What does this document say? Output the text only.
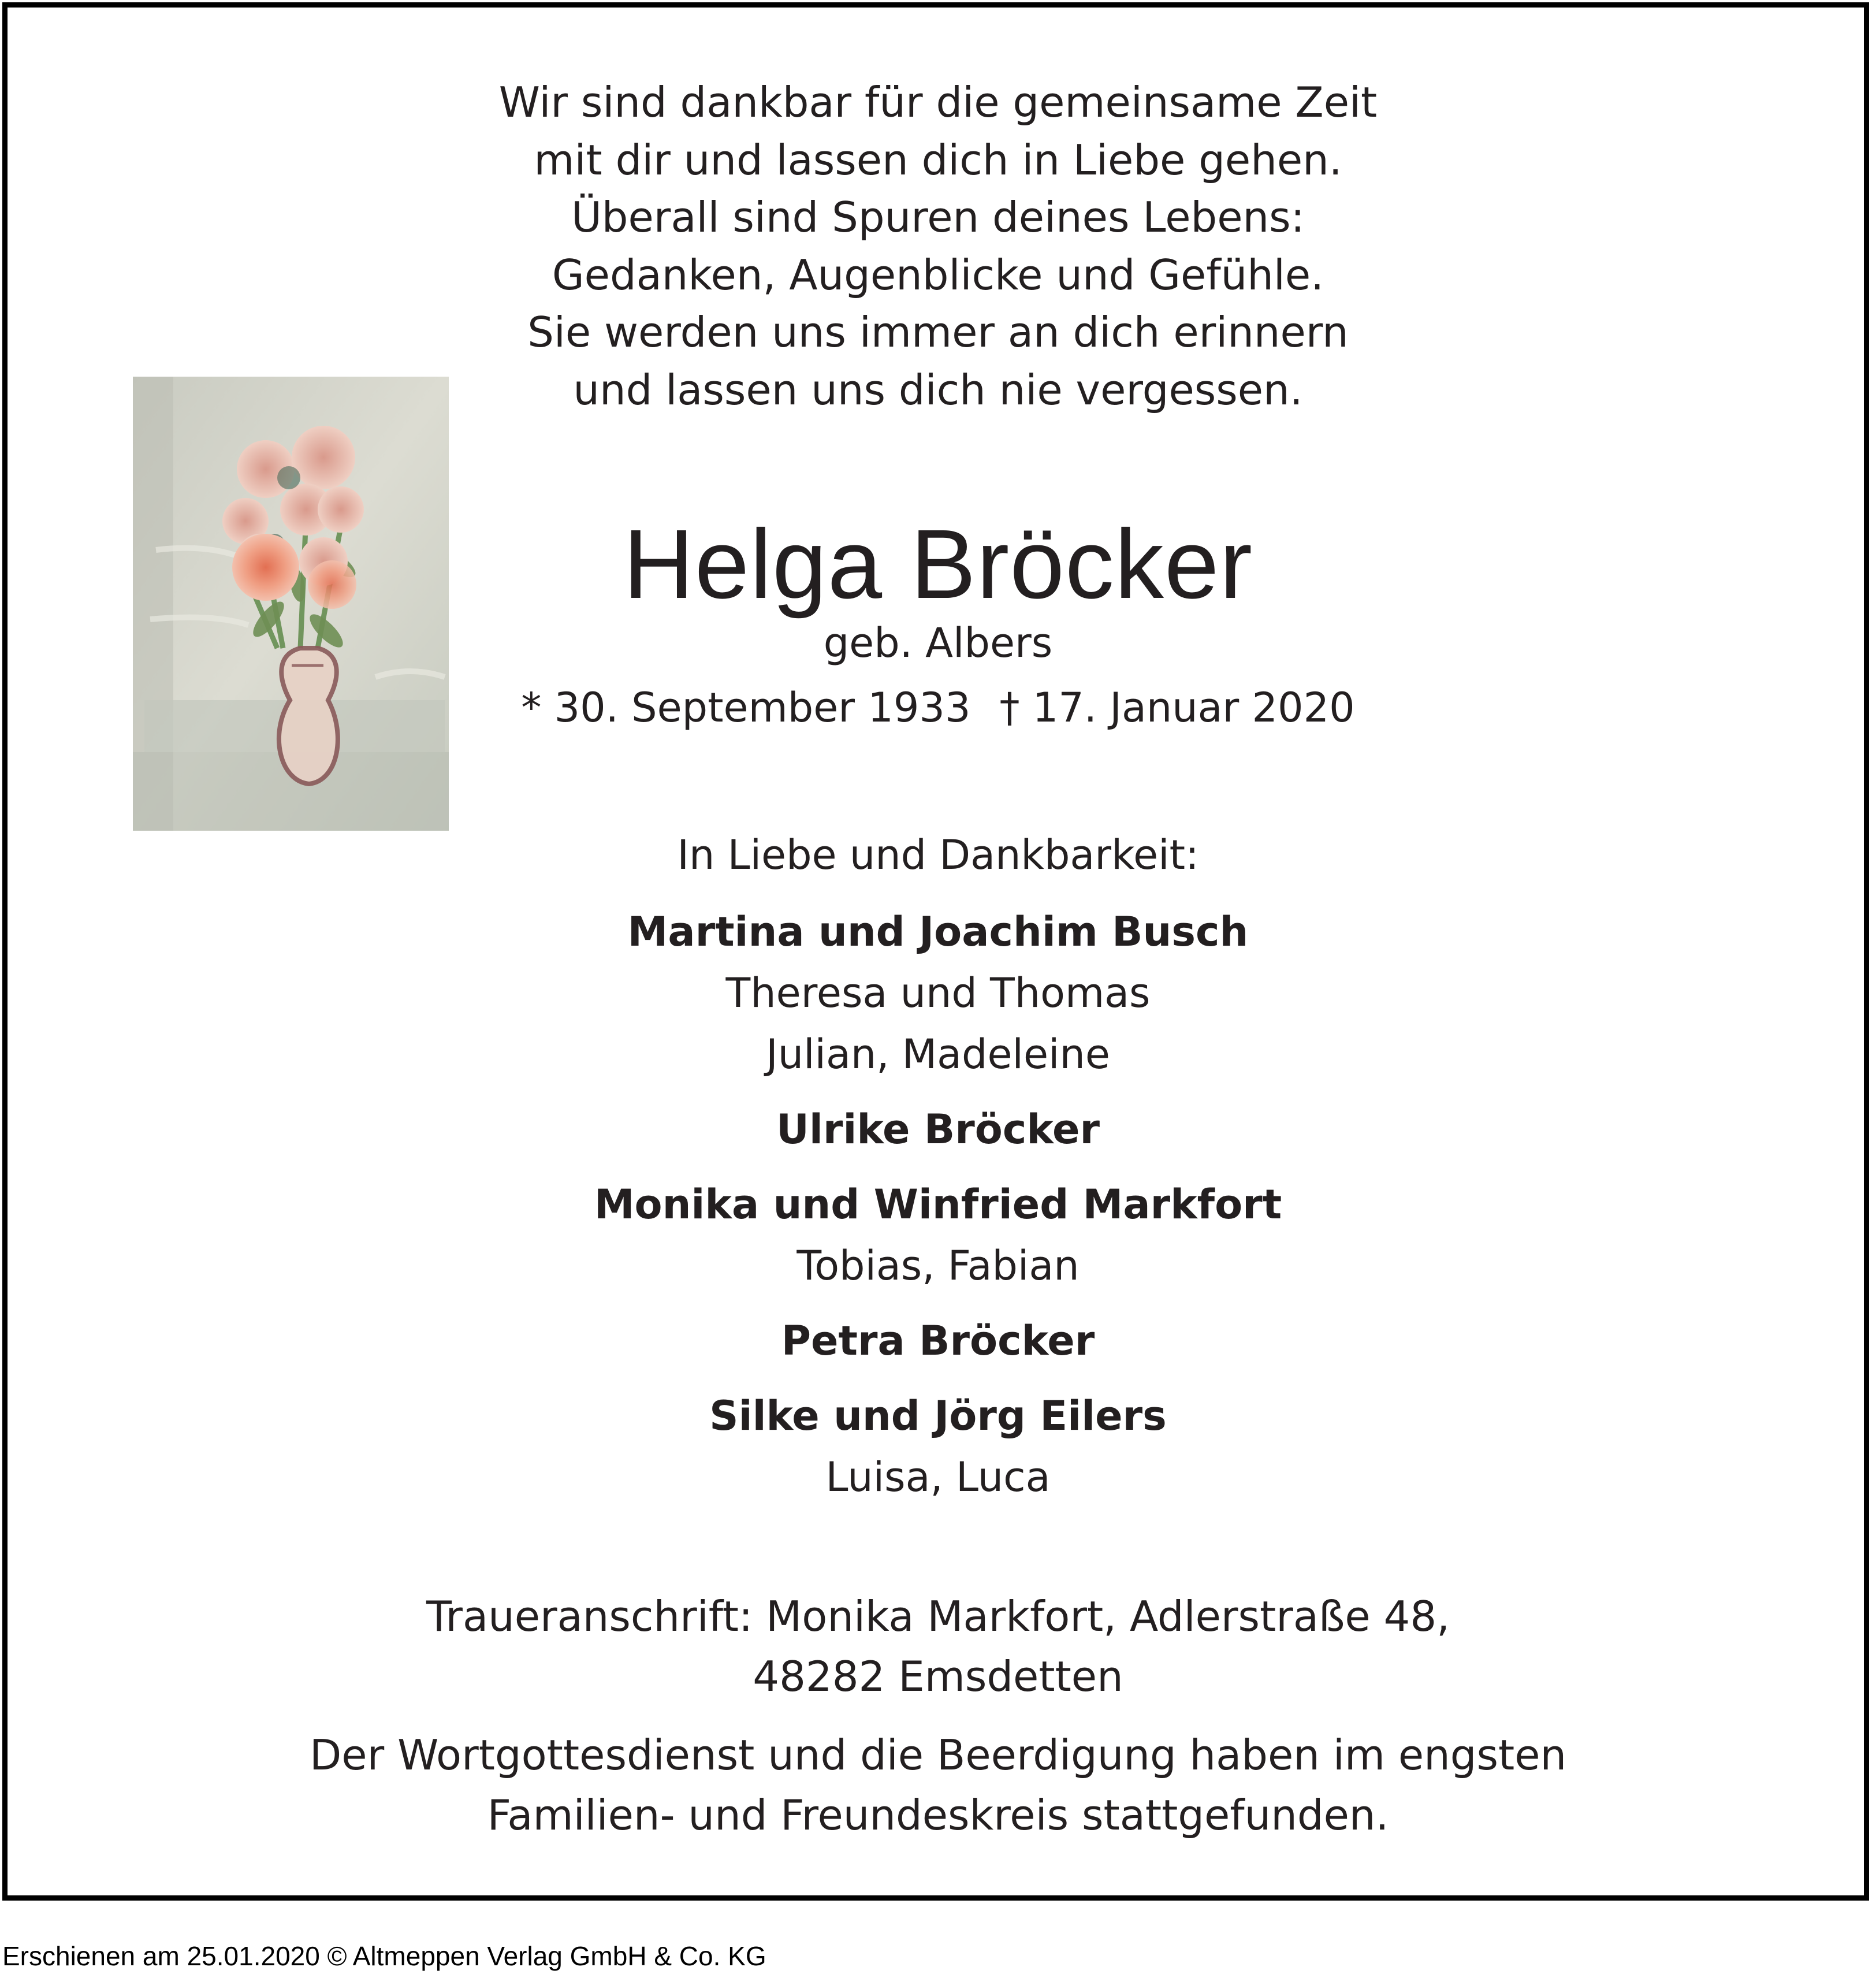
Wir sind dankbar für die gemeinsame Zeit
mit dir und lassen dich in Liebe gehen.
Überall sind Spuren deines Lebens:
Gedanken, Augenblicke und Gefühle.
Sie werden uns immer an dich erinnern
und lassen uns dich nie vergessen.
Helga Bröcker
geb. Albers
* 30. September 1933 † 17. Januar 2020
In Liebe und Dankbarkeit:
Martina und Joachim Busch
Theresa und Thomas
Julian, Madeleine
Ulrike Bröcker
Monika und Winfried Markfort
Tobias, Fabian
Petra Bröcker
Silke und Jörg Eilers
Luisa, Luca
Traueranschrift: Monika Markfort, Adlerstraße 48,
48282 Emsdetten
Der Wortgottesdienst und die Beerdigung haben im engsten
Familien- und Freundeskreis stattgefunden.
Erschienen am 25.01.2020 © Altmeppen Verlag GmbH & Co. KG
